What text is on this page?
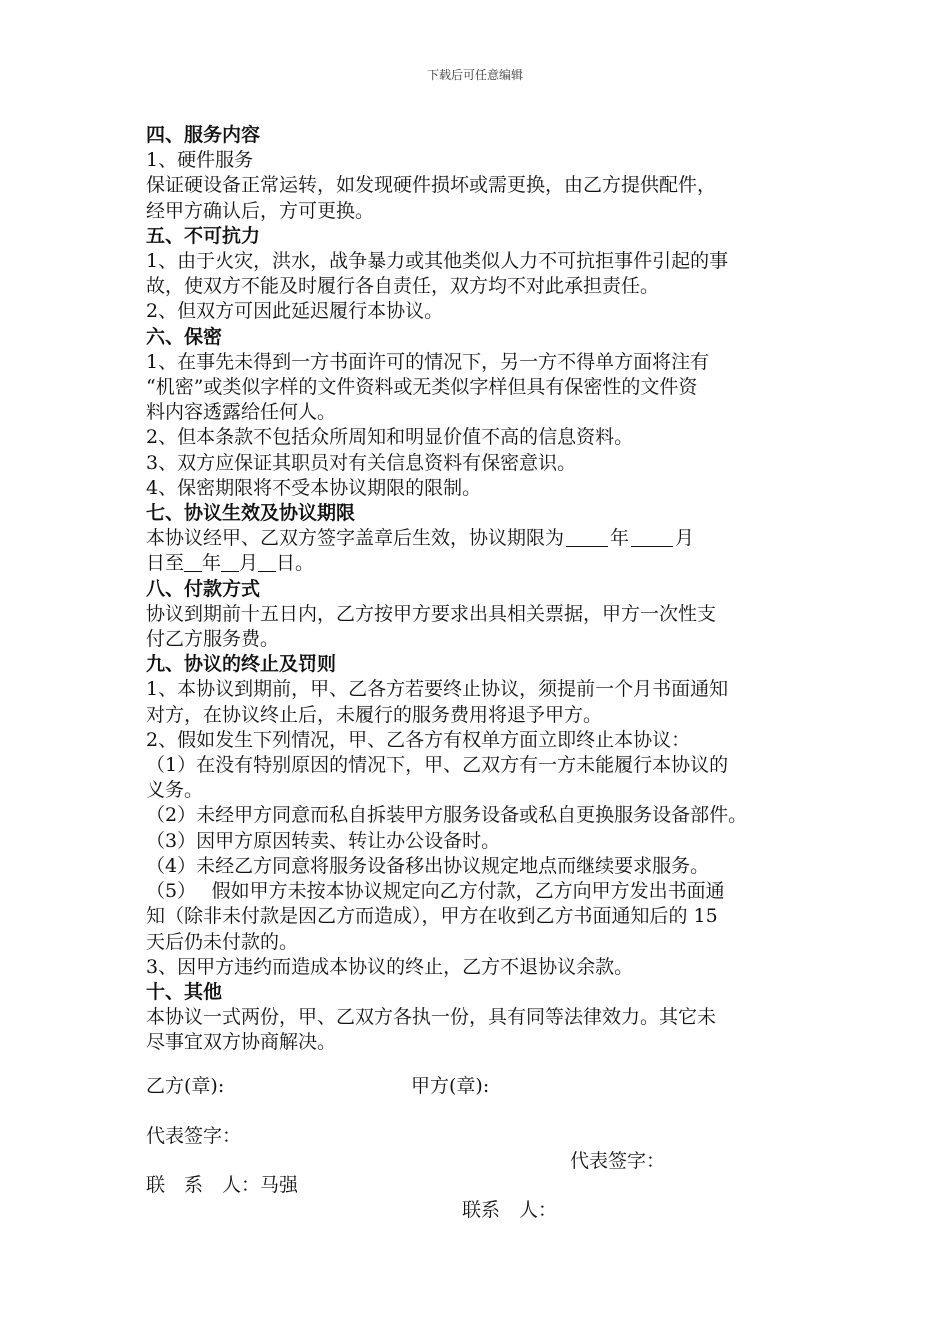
下载后可任意编辑
四、服务内容
1、硬件服务
保证硬设备正常运转，如发现硬件损坏或需更换，由乙方提供配件，
经甲方确认后，方可更换。
五、不可抗力
1、由于火灾，洪水，战争暴力或其他类似人力不可抗拒事件引起的事
故，使双方不能及时履行各自责任，双方均不对此承担责任。
2、但双方可因此延迟履行本协议。
六、保密
1、在事先未得到一方书面许可的情况下，另一方不得单方面将注有
“机密”或类似字样的文件资料或无类似字样但具有保密性的文件资
料内容透露给任何人。
2、但本条款不包括众所周知和明显价值不高的信息资料。
3、双方应保证其职员对有关信息资料有保密意识。
4、保密期限将不受本协议期限的限制。
七、协议生效及协议期限
本协议经甲、乙双方签字盖章后生效，协议期限为 年 月
日至 年 月 日。
八、付款方式
协议到期前十五日内，乙方按甲方要求出具相关票据，甲方一次性支
付乙方服务费。
九、协议的终止及罚则
1、本协议到期前，甲、乙各方若要终止协议，须提前一个月书面通知
对方，在协议终止后，未履行的服务费用将退予甲方。
2、假如发生下列情况，甲、乙各方有权单方面立即终止本协议：
（1）在没有特别原因的情况下，甲、乙双方有一方未能履行本协议的
义务。
（2）未经甲方同意而私自拆装甲方服务设备或私自更换服务设备部件。
（3）因甲方原因转卖、转让办公设备时。
（4）未经乙方同意将服务设备移出协议规定地点而继续要求服务。
（5）　 假如甲方未按本协议规定向乙方付款，乙方向甲方发出书面通
知（除非未付款是因乙方而造成），甲方在收到乙方书面通知后的 15
天后仍未付款的。
3、因甲方违约而造成本协议的终止，乙方不退协议余款。
十、其他
本协议一式两份，甲、乙双方各执一份，具有同等法律效力。其它未
尽事宜双方协商解决。
乙方(章):	甲方(章):
代表签字：
代表签字：
联　系　人：马强
联系　人：
